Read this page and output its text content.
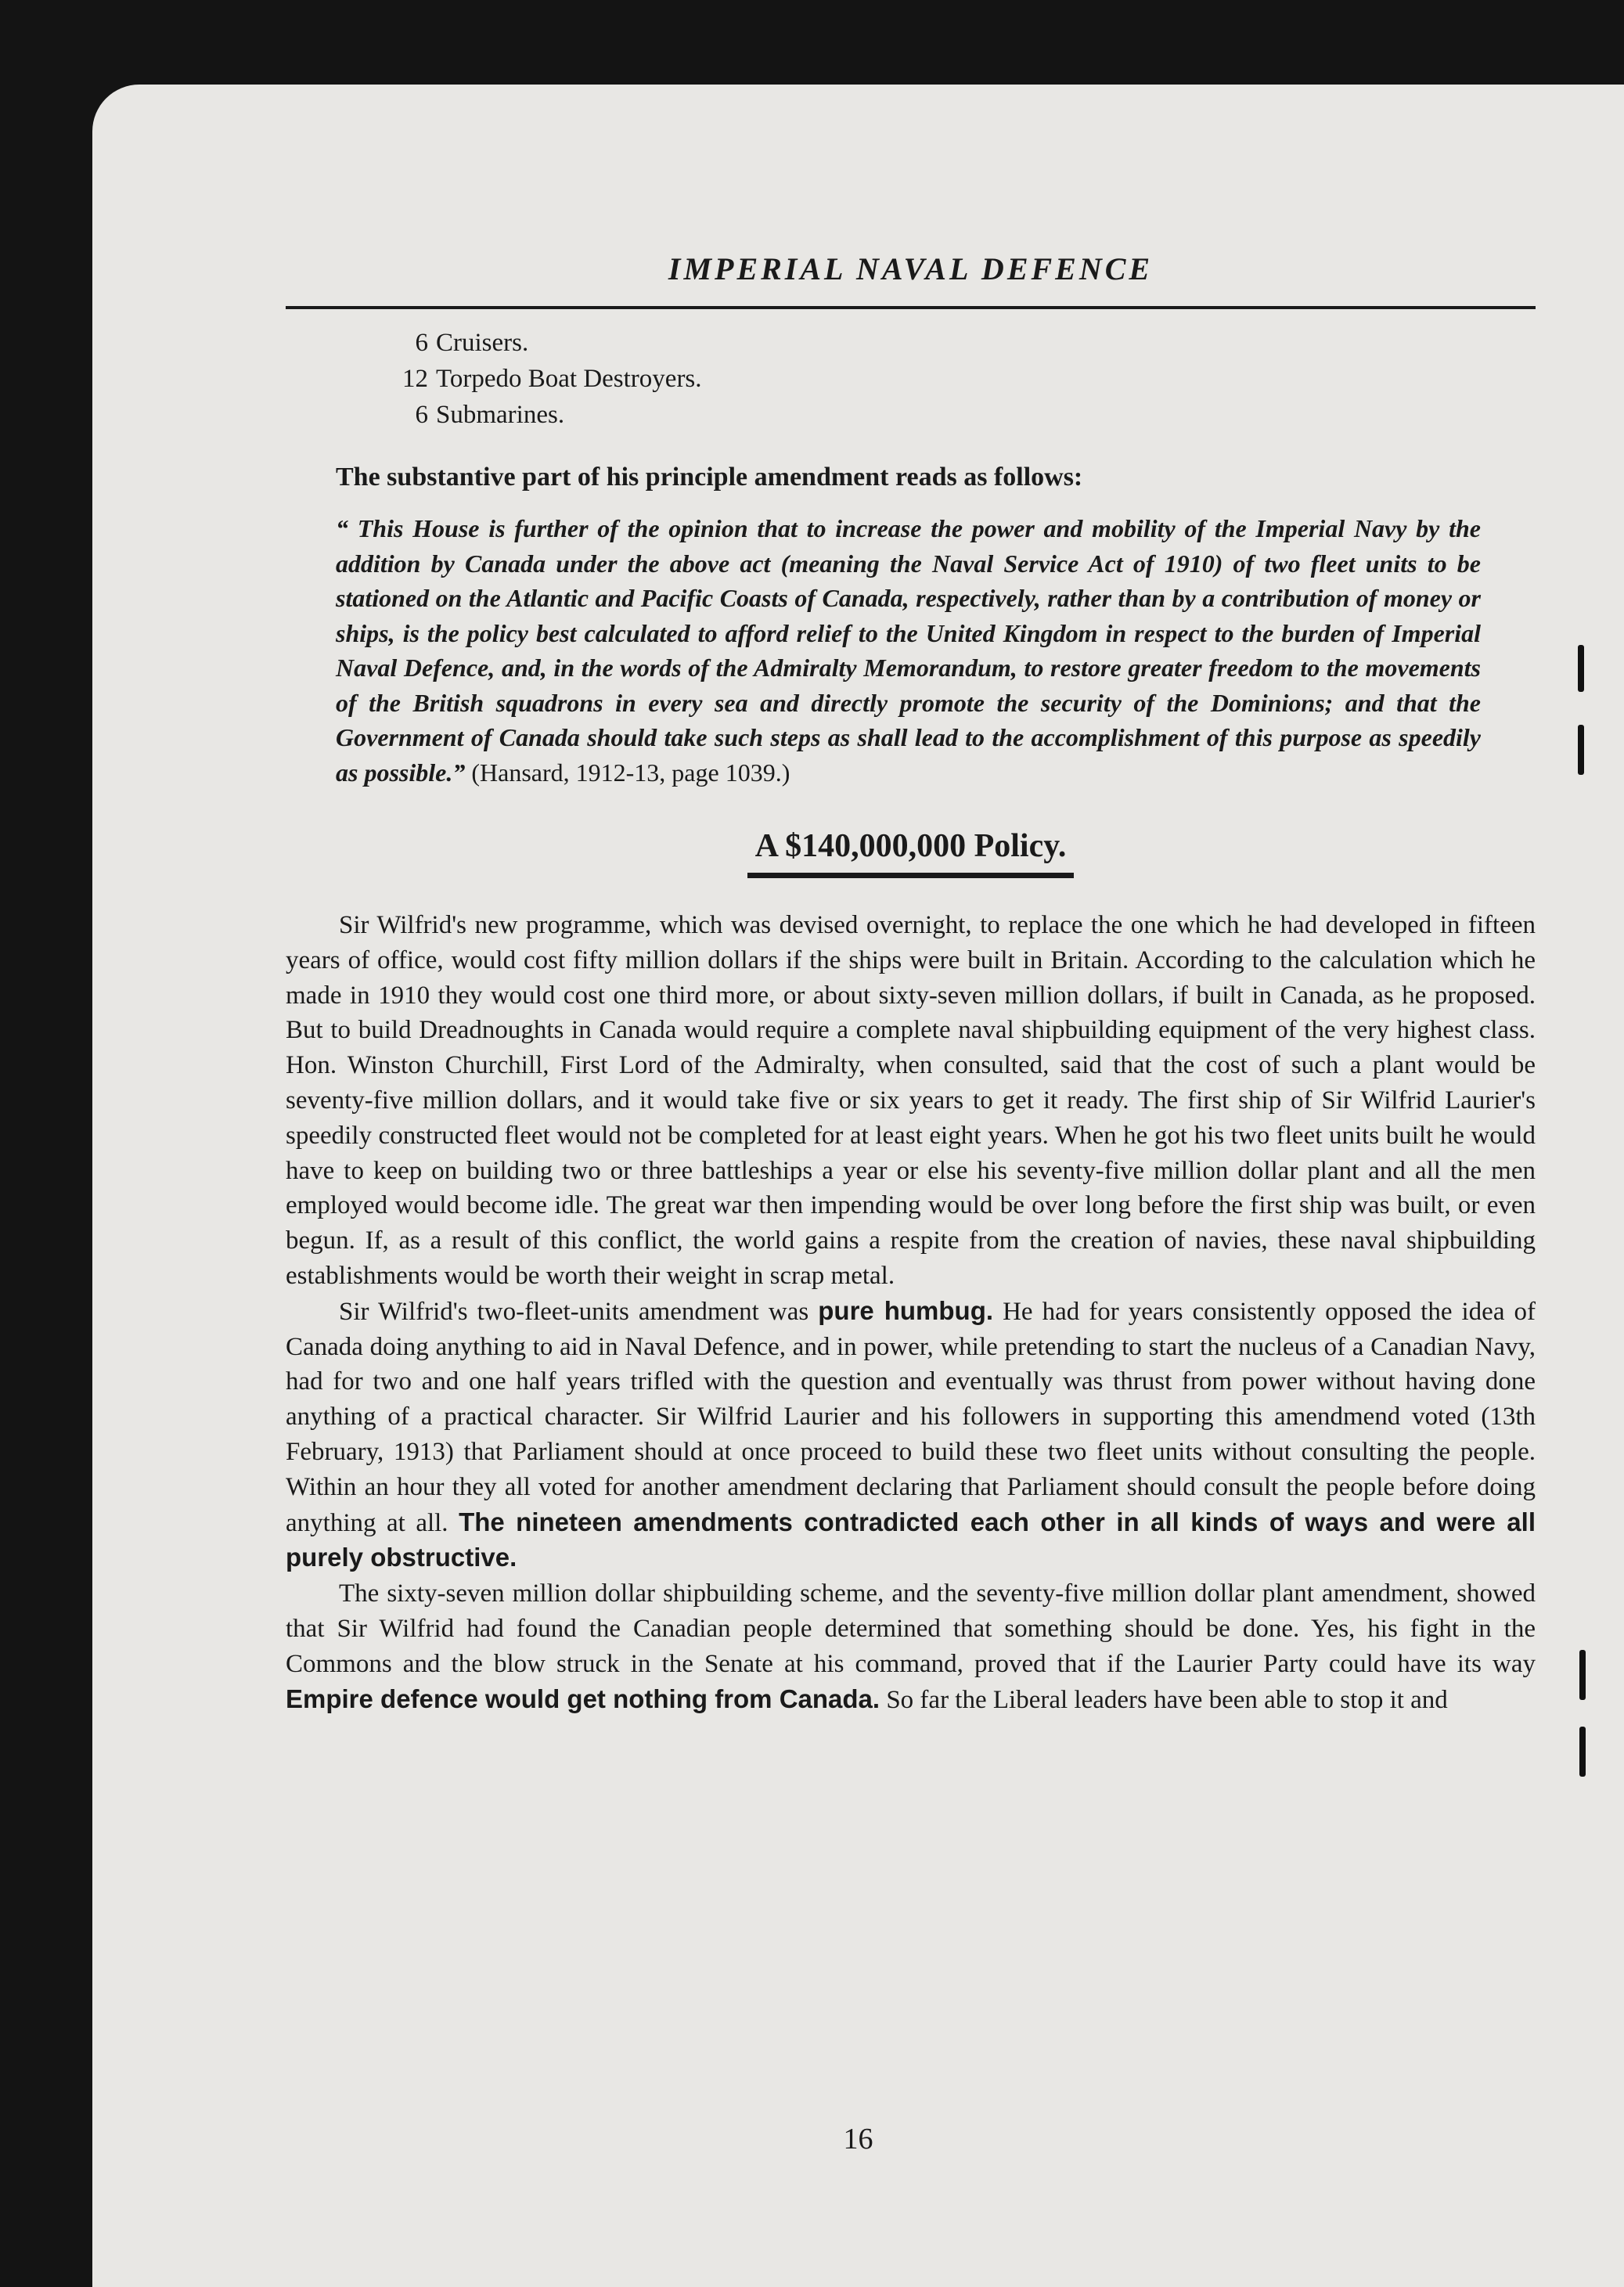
IMPERIAL NAVAL DEFENCE
6 Cruisers.
12 Torpedo Boat Destroyers.
6 Submarines.

The substantive part of his principle amendment reads as follows:

“ This House is further of the opinion that to increase the power and mobility of the Imperial Navy by the addition by Canada under the above act (meaning the Naval Service Act of 1910) of two fleet units to be stationed on the Atlantic and Pacific Coasts of Canada, respectively, rather than by a contribution of money or ships, is the policy best calculated to afford relief to the United Kingdom in respect to the burden of Imperial Naval Defence, and, in the words of the Admiralty Memorandum, to restore greater freedom to the movements of the British squadrons in every sea and directly promote the security of the Dominions; and that the Government of Canada should take such steps as shall lead to the accomplishment of this purpose as speedily as possible.” (Hansard, 1912-13, page 1039.)

A $140,000,000 Policy.

Sir Wilfrid's new programme, which was devised overnight, to replace the one which he had developed in fifteen years of office, would cost fifty million dollars if the ships were built in Britain. According to the calculation which he made in 1910 they would cost one third more, or about sixty-seven million dollars, if built in Canada, as he proposed. But to build Dreadnoughts in Canada would require a complete naval shipbuilding equipment of the very highest class. Hon. Winston Churchill, First Lord of the Admiralty, when consulted, said that the cost of such a plant would be seventy-five million dollars, and it would take five or six years to get it ready. The first ship of Sir Wilfrid Laurier's speedily constructed fleet would not be completed for at least eight years. When he got his two fleet units built he would have to keep on building two or three battleships a year or else his seventy-five million dollar plant and all the men employed would become idle. The great war then impending would be over long before the first ship was built, or even begun. If, as a result of this conflict, the world gains a respite from the creation of navies, these naval shipbuilding establishments would be worth their weight in scrap metal.

Sir Wilfrid's two-fleet-units amendment was pure humbug. He had for years consistently opposed the idea of Canada doing anything to aid in Naval Defence, and in power, while pretending to start the nucleus of a Canadian Navy, had for two and one half years trifled with the question and eventually was thrust from power without having done anything of a practical character. Sir Wilfrid Laurier and his followers in supporting this amendmend voted (13th February, 1913) that Parliament should at once proceed to build these two fleet units without consulting the people. Within an hour they all voted for another amendment declaring that Parliament should consult the people before doing anything at all. The nineteen amendments contradicted each other in all kinds of ways and were all purely obstructive.

The sixty-seven million dollar shipbuilding scheme, and the seventy-five million dollar plant amendment, showed that Sir Wilfrid had found the Canadian people determined that something should be done. Yes, his fight in the Commons and the blow struck in the Senate at his command, proved that if the Laurier Party could have its way Empire defence would get nothing from Canada. So far the Liberal leaders have been able to stop it and

16
